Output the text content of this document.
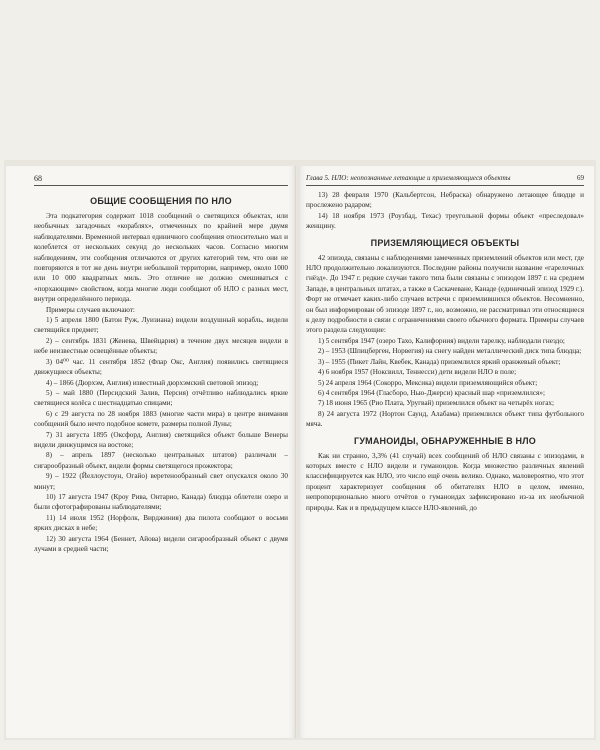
68
ОБЩИЕ СООБЩЕНИЯ ПО НЛО

Эта подкатегория содержит 1018 сообщений о светящихся объектах, или необычных загадочных «кораблях», отмеченных по крайней мере двумя наблюдателями. Временной интервал единичного сообщения относительно мал и колеблется от нескольких секунд до нескольких часов. Согласно многим наблюдениям, эти сообщения отличаются от других категорий тем, что они не повторяются в тот же день внутри небольшой территории, например, около 1000 или 10 000 квадратных миль. Это отличие не должно смешиваться с «порхающим» свойством, когда многие люди сообщают об НЛО с разных мест, внутри определённого периода.

Примеры случаев включают:

1) 5 апреля 1800 (Батон Руж, Луизиана) видели воздушный корабль, видели светящийся предмет;
2) – сентябрь 1831 (Женева, Швейцария) в течение двух месяцев видели в небе неизвестные освещённые объекты;
3) 04⁰⁰ час. 11 сентября 1852 (Флар Окс, Англия) появились светящиеся движущиеся объекты;
4) – 1866 (Дюрхэм, Англия) известный дюрхэмский световой эпизод;
5) – май 1880 (Персидский Залив, Персия) отчётливо наблюдались яркие светящиеся колёса с шестнадцатью спицами;
6) с 29 августа по 28 ноября 1883 (многие части мира) в центре внимания сообщений было нечто подобное комете, размеры полной Луны;
7) 31 августа 1895 (Оксфорд, Англия) светящийся объект больше Венеры видели движущимся на востоке;
8) – апрель 1897 (несколько центральных штатов) различали – сигарообразный объект, видели формы светящегося прожектора;
9) – 1922 (Йеллоустоун, Огайо) веретенообразный свет опускался около 30 минут;
10) 17 августа 1947 (Кроу Рива, Онтарио, Канада) блюдца облетели озеро и были сфотографированы наблюдателями;
11) 14 июля 1952 (Норфолк, Вирджиния) два пилота сообщают о восьми ярких дисках в небе;
12) 30 августа 1964 (Беннет, Айова) видели сигарообразный объект с двумя лучами в средней части;
Глава 5. НЛО: неопознанные летающие и приземляющиеся объекты	69
13) 28 февраля 1970 (Кальбертсон, Небраска) обнаружено летающее блюдце и прослежено радаром;
14) 18 ноября 1973 (Роузбад, Техас) треугольной формы объект «преследовал» женщину.
ПРИЗЕМЛЯЮЩИЕСЯ ОБЪЕКТЫ

42 эпизода, связаны с наблюдениями замеченных приземлений объектов или мест, где НЛО продолжительно локализуются. Последние районы получили название «гарелочных гнёзд». До 1947 г. редкие случаи такого типа были связаны с эпизодом 1897 г. на среднем Западе, в центральных штатах, а также в Саскачеване, Канаде (единичный эпизод 1929 г.). Форт не отмечает каких-либо случаев встречи с приземлившихся объектов. Несомненно, он был информирован об эпизоде 1897 г., но, возможно, не рассматривал эти относящиеся к делу подробности в связи с ограничениями своего обычного формата. Примеры случаев этого раздела следующие:

1) 5 сентября 1947 (озеро Тахо, Калифорния) видели тарелку, наблюдали гнездо;
2) – 1953 (Шпицберген, Норвегия) на снегу найден металлический диск типа блюдца;
3) – 1955 (Пикет Лайн, Квебек, Канада) приземлился яркий оранжевый объект;
4) 6 ноября 1957 (Ноксвилл, Теннесси) дети видели НЛО в поле;
5) 24 апреля 1964 (Сокорро, Мексика) видели приземляющийся объект;
6) 4 сентября 1964 (Гласборо, Нью-Джерси) красный шар «приземлился»;
7) 18 июня 1965 (Рио Плата, Уругвай) приземлился объект на четырёх ногах;
8) 24 августа 1972 (Нортон Саунд, Алабама) приземлился объект типа футбольного мяча.
ГУМАНОИДЫ, ОБНАРУЖЕННЫЕ В НЛО

Как ни странно, 3,3% (41 случай) всех сообщений об НЛО связаны с эпизодами, в которых вместе с НЛО видели и гуманоидов. Когда множество различных явлений классифицируется как НЛО, это число ещё очень велико. Однако, маловероятно, что этот процент характеризует сообщения об обитателях НЛО в целом, именно, непропорционально много отчётов о гуманоидах зафиксировано из-за их необычной природы. Как и в предыдущем классе НЛО-явлений, до
